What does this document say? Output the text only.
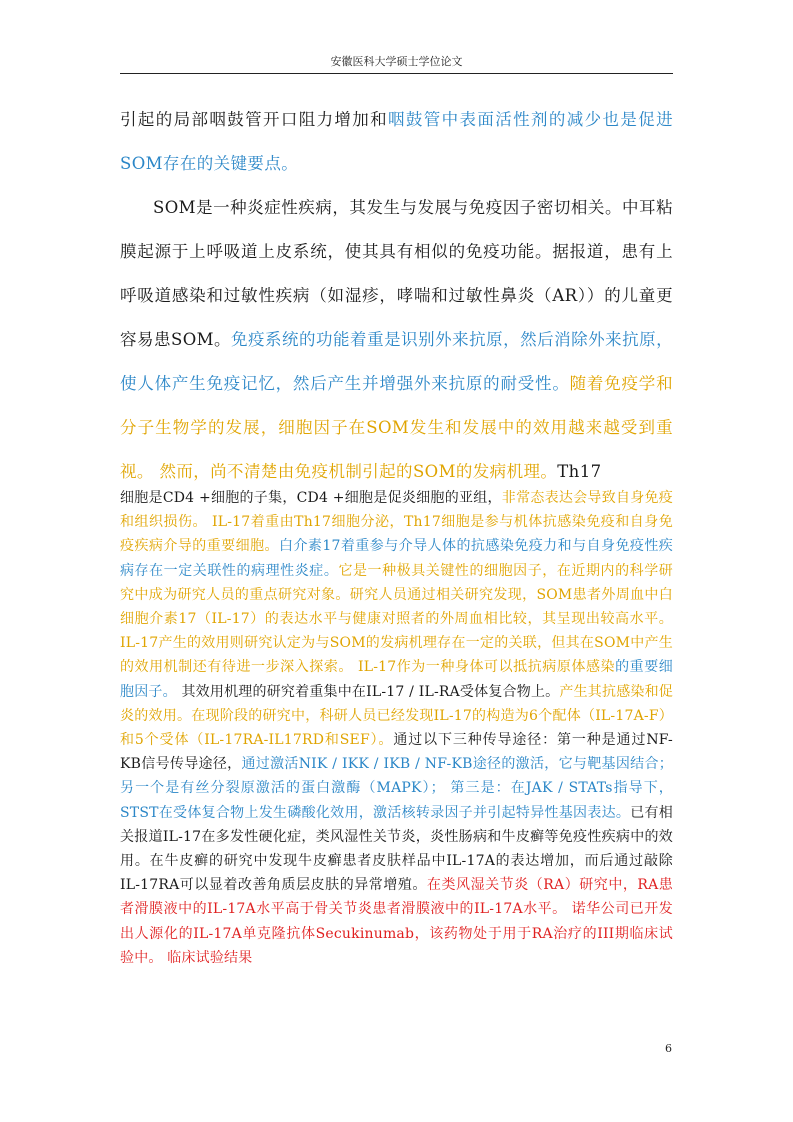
安徽医科大学硕士学位论文

引起的局部咽鼓管开口阻力增加和咽鼓管中表面活性剂的减少也是促进SOM存在的关键要点。

SOM是一种炎症性疾病，其发生与发展与免疫因子密切相关。中耳粘膜起源于上呼吸道上皮系统，使其具有相似的免疫功能。据报道，患有上呼吸道感染和过敏性疾病（如湿疹，哮喘和过敏性鼻炎（AR））的儿童更容易患SOM。免疫系统的功能着重是识别外来抗原，然后消除外来抗原，使人体产生免疫记忆，然后产生并增强外来抗原的耐受性。随着免疫学和分子生物学的发展，细胞因子在SOM发生和发展中的效用越来越受到重视。 然而，尚不清楚由免疫机制引起的SOM的发病机理。Th17

细胞是CD4 +细胞的子集，CD4 +细胞是促炎细胞的亚组，非常态表达会导致自身免疫和组织损伤。 IL-17着重由Th17细胞分泌，Th17细胞是参与机体抗感染免疫和自身免疫疾病介导的重要细胞。白介素17着重参与介导人体的抗感染免疫力和与自身免疫性疾病存在一定关联性的病理性炎症。它是一种极具关键性的细胞因子，在近期内的科学研究中成为研究人员的重点研究对象。研究人员通过相关研究发现，SOM患者外周血中白细胞介素17（IL-17）的表达水平与健康对照者的外周血相比较，其呈现出较高水平。IL-17产生的效用则研究认定为与SOM的发病机理存在一定的关联，但其在SOM中产生的效用机制还有待进一步深入探索。 IL-17作为一种身体可以抵抗病原体感染的重要细胞因子。 其效用机理的研究着重集中在IL-17 / IL-RA受体复合物上。产生其抗感染和促炎的效用。在现阶段的研究中，科研人员已经发现IL-17的构造为6个配体（IL-17A-F）和5个受体（IL-17RA-IL17RD和SEF）。通过以下三种传导途径：第一种是通过NF-KB信号传导途径，通过激活NIK / IKK / IKB / NF-KB途径的激活，它与靶基因结合； 另一个是有丝分裂原激活的蛋白激酶（MAPK）； 第三是：在JAK / STATs指导下，STST在受体复合物上发生磷酸化效用，激活核转录因子并引起特异性基因表达。已有相关报道IL-17在多发性硬化症，类风湿性关节炎，炎性肠病和牛皮癣等免疫性疾病中的效用。在牛皮癣的研究中发现牛皮癣患者皮肤样品中IL-17A的表达增加，而后通过敲除 IL-17RA可以显着改善角质层皮肤的异常增殖。在类风湿关节炎（RA）研究中，RA患者滑膜液中的IL-17A水平高于骨关节炎患者滑膜液中的IL-17A水平。 诺华公司已开发出人源化的IL-17A单克隆抗体Secukinumab，该药物处于用于RA治疗的III期临床试验中。 临床试验结果

6
